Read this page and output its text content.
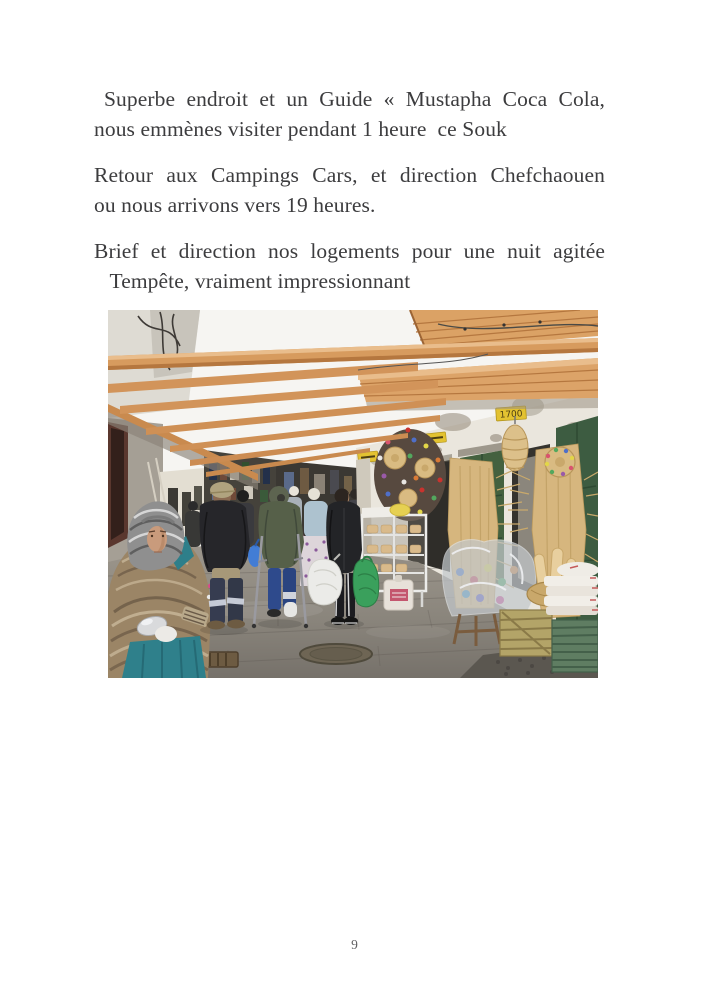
Superbe endroit et un Guide « Mustapha Coca Cola,
nous emmènes visiter pendant 1 heure  ce Souk

Retour aux Campings Cars, et direction Chefchaouen
ou nous arrivons vers 19 heures.

Brief et direction nos logements pour une nuit agitée
Tempête, vraiment impressionnant

1700
9
